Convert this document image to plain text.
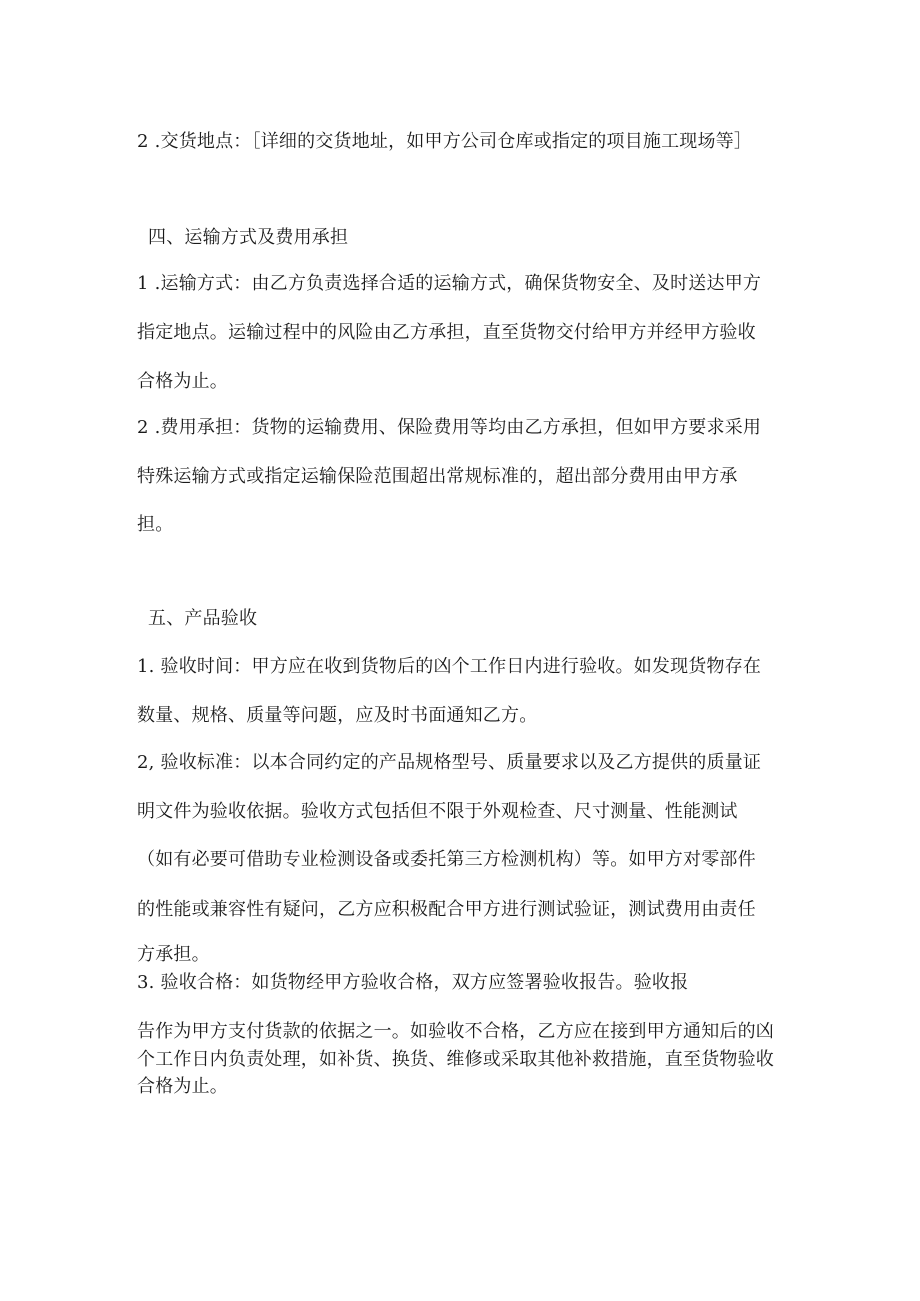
2 .交货地点：［详细的交货地址，如甲方公司仓库或指定的项目施工现场等］
四、运输方式及费用承担
1 .运输方式：由乙方负责选择合适的运输方式，确保货物安全、及时送达甲方
指定地点。运输过程中的风险由乙方承担，直至货物交付给甲方并经甲方验收
合格为止。
2 .费用承担：货物的运输费用、保险费用等均由乙方承担，但如甲方要求采用
特殊运输方式或指定运输保险范围超出常规标准的，超出部分费用由甲方承
担。
五、产品验收
1. 验收时间：甲方应在收到货物后的凶个工作日内进行验收。如发现货物存在
数量、规格、质量等问题，应及时书面通知乙方。
2, 验收标准：以本合同约定的产品规格型号、质量要求以及乙方提供的质量证
明文件为验收依据。验收方式包括但不限于外观检查、尺寸测量、性能测试
（如有必要可借助专业检测设备或委托第三方检测机构）等。如甲方对零部件
的性能或兼容性有疑问，乙方应积极配合甲方进行测试验证，测试费用由责任
方承担。
3. 验收合格：如货物经甲方验收合格，双方应签署验收报告。验收报
告作为甲方支付货款的依据之一。如验收不合格，乙方应在接到甲方通知后的凶
个工作日内负责处理，如补货、换货、维修或采取其他补救措施，直至货物验收
合格为止。
